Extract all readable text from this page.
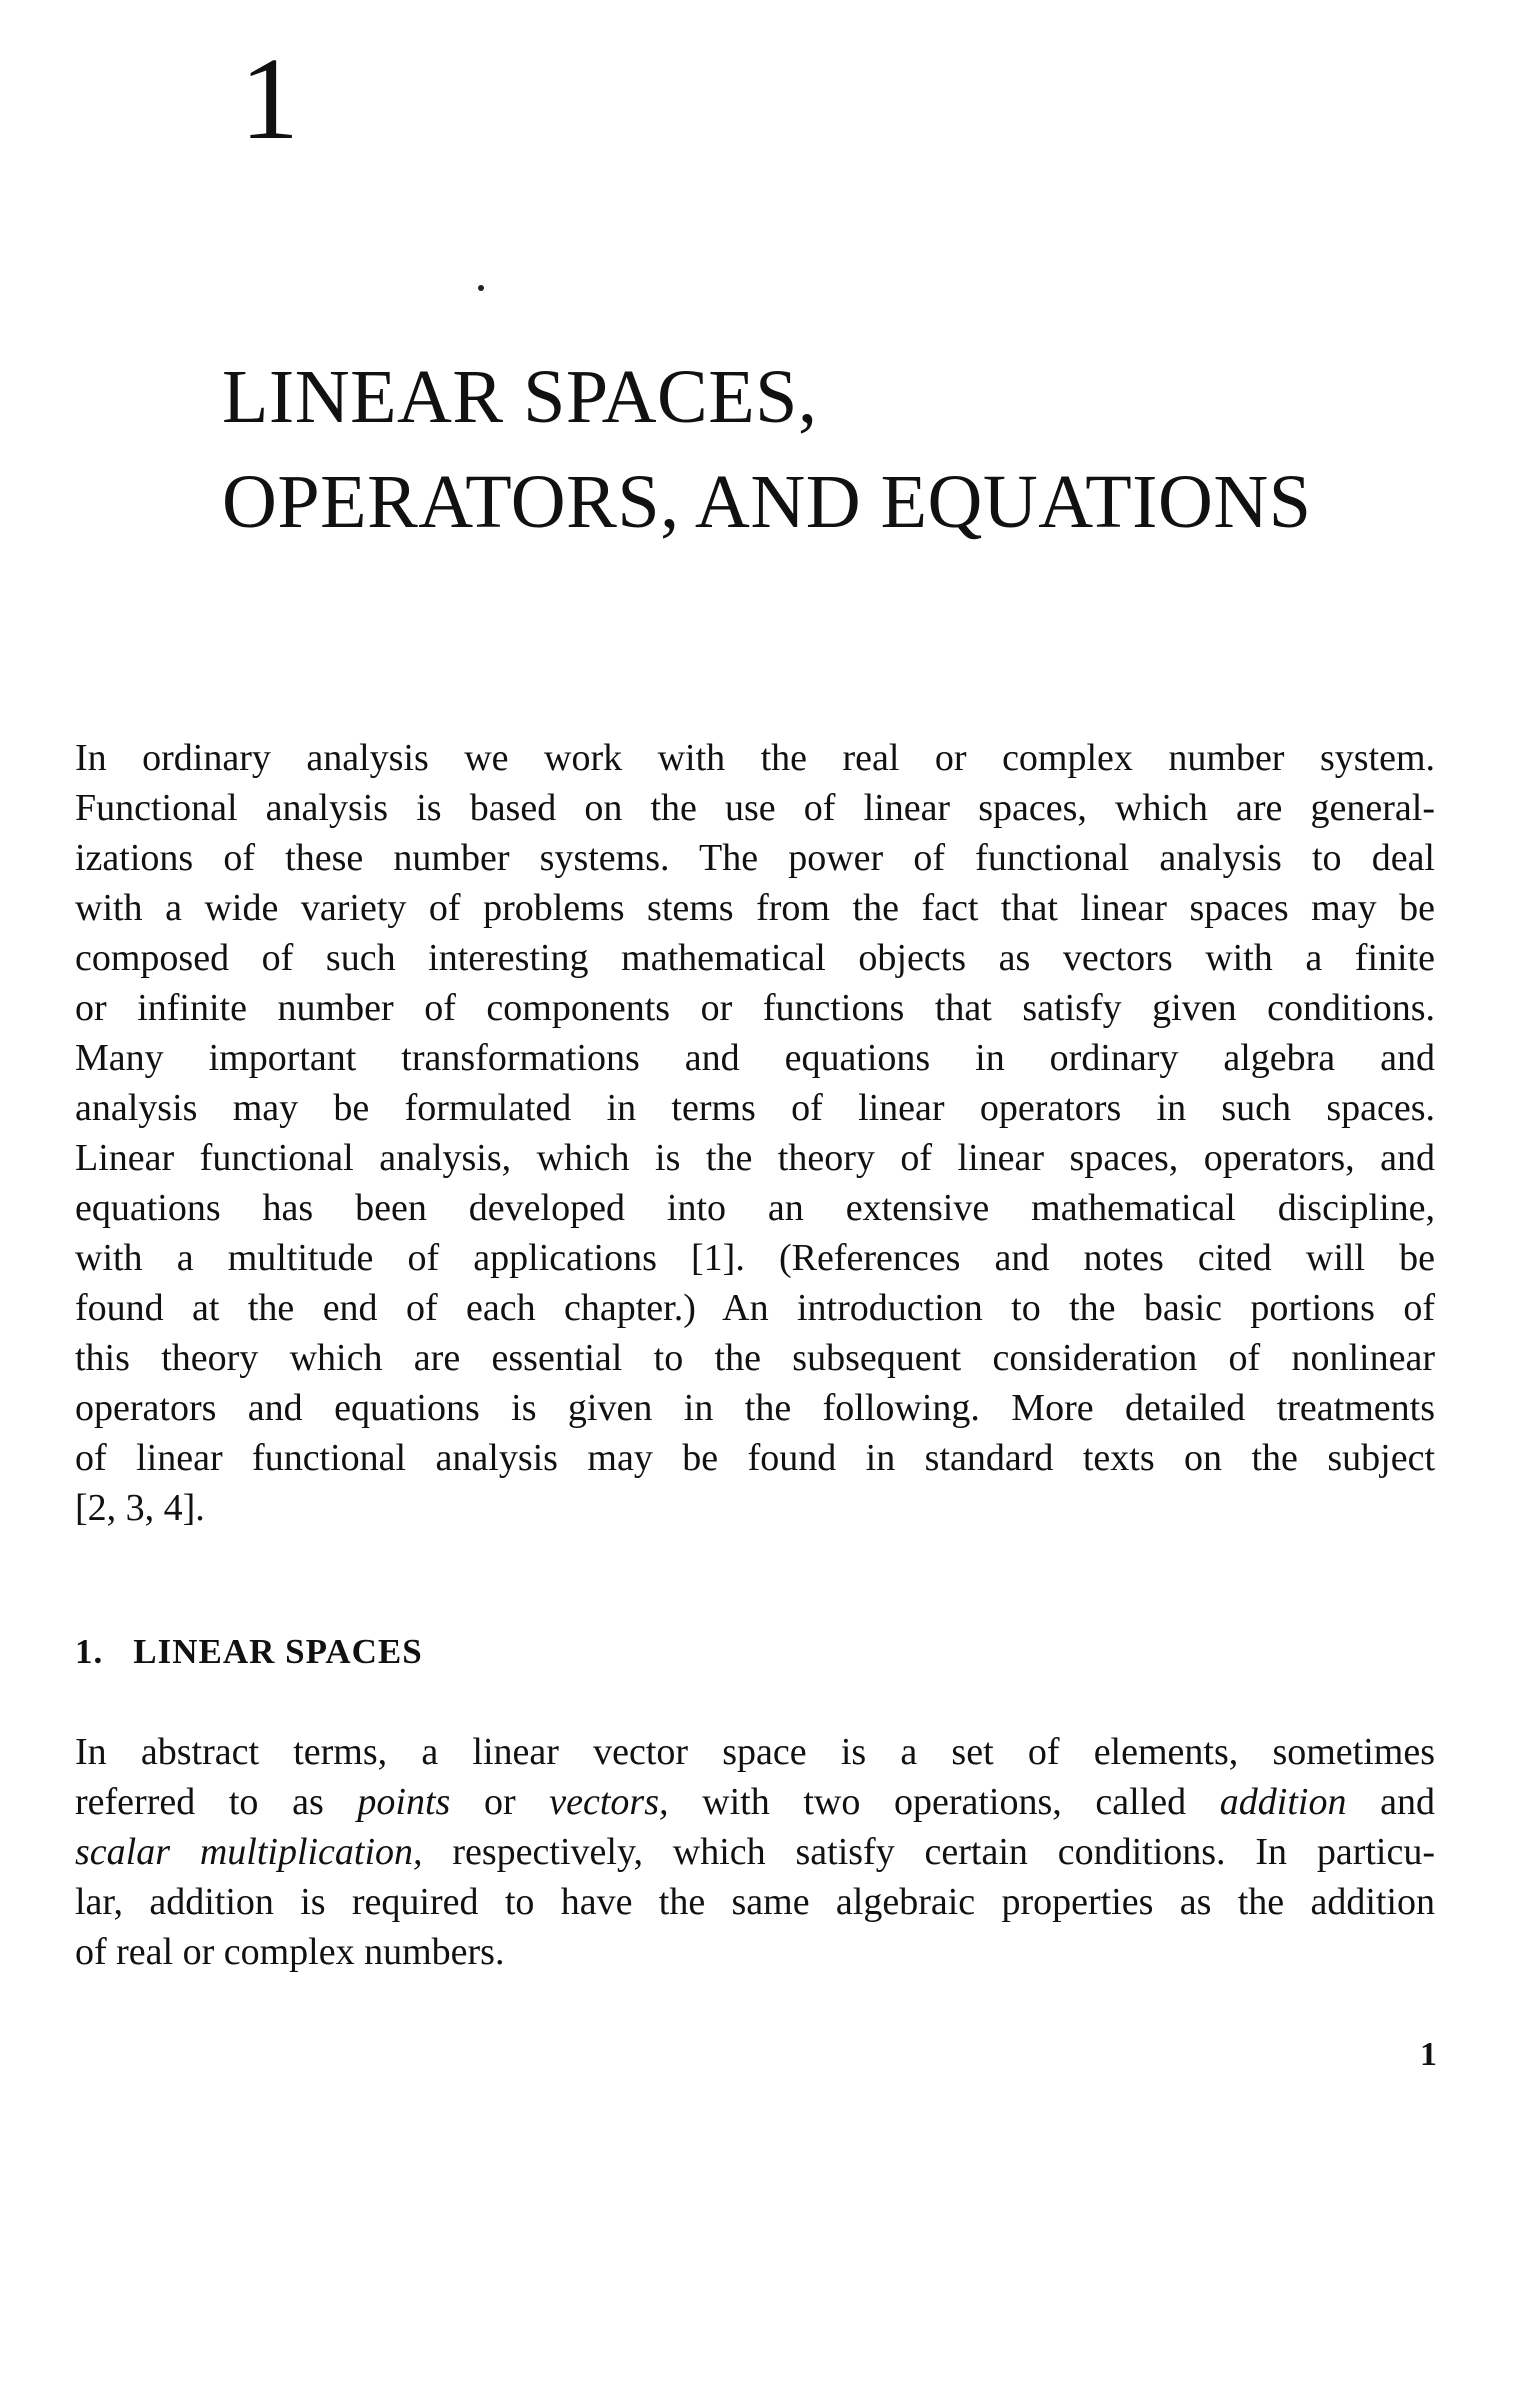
1
LINEAR SPACES,
OPERATORS, AND EQUATIONS

In ordinary analysis we work with the real or complex number system.
Functional analysis is based on the use of linear spaces, which are general-
izations of these number systems. The power of functional analysis to deal
with a wide variety of problems stems from the fact that linear spaces may be
composed of such interesting mathematical objects as vectors with a finite
or infinite number of components or functions that satisfy given conditions.
Many important transformations and equations in ordinary algebra and
analysis may be formulated in terms of linear operators in such spaces.
Linear functional analysis, which is the theory of linear spaces, operators, and
equations has been developed into an extensive mathematical discipline,
with a multitude of applications [1]. (References and notes cited will be
found at the end of each chapter.) An introduction to the basic portions of
this theory which are essential to the subsequent consideration of nonlinear
operators and equations is given in the following. More detailed treatments
of linear functional analysis may be found in standard texts on the subject
[2, 3, 4].

1. LINEAR SPACES

In abstract terms, a linear vector space is a set of elements, sometimes
referred to as points or vectors, with two operations, called addition and
scalar multiplication, respectively, which satisfy certain conditions. In particu-
lar, addition is required to have the same algebraic properties as the addition
of real or complex numbers.

1
